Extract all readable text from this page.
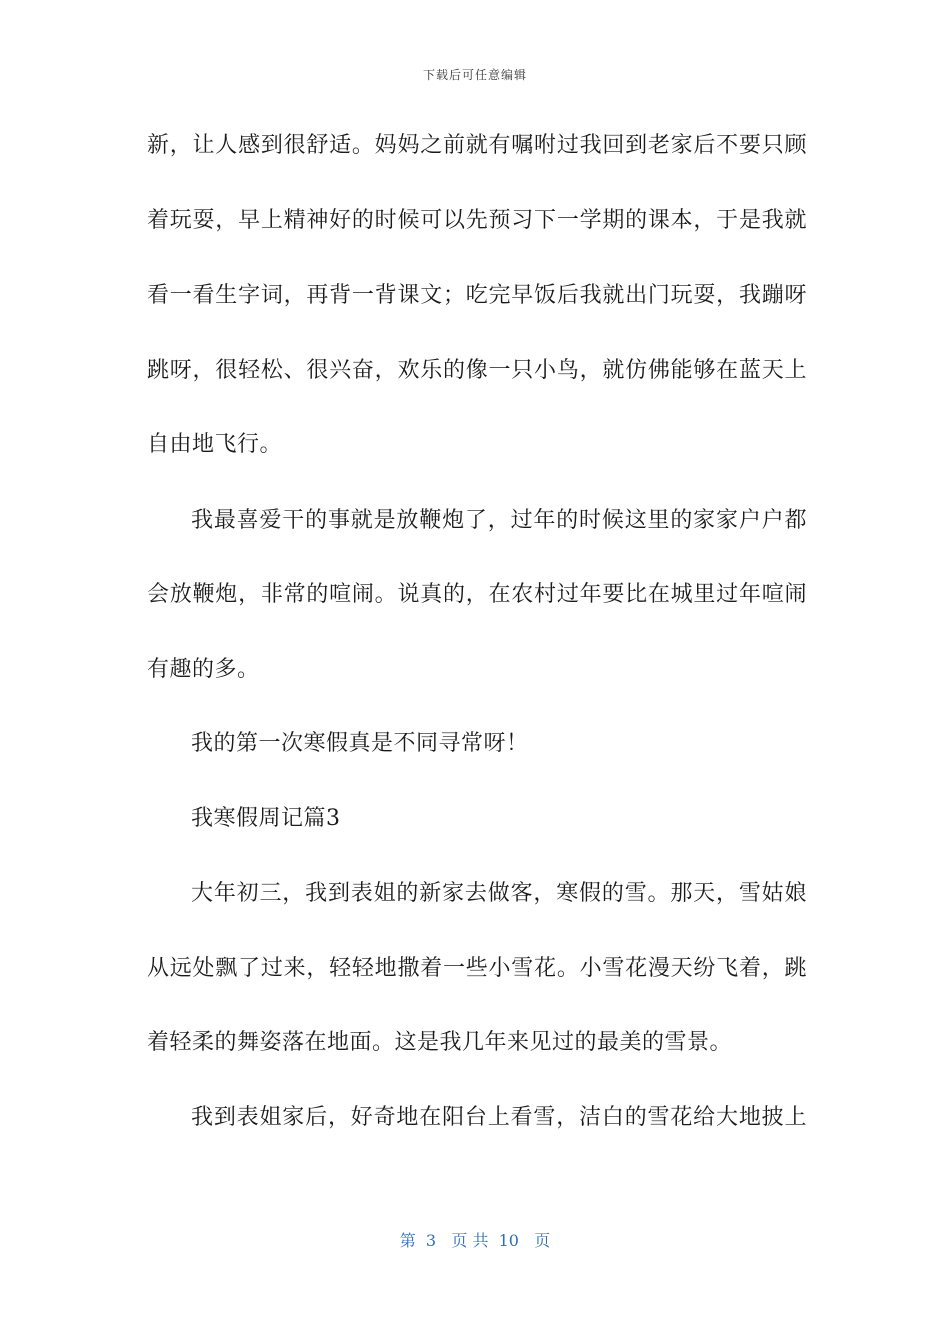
下载后可任意编辑
新，让人感到很舒适。妈妈之前就有嘱咐过我回到老家后不要只顾
着玩耍，早上精神好的时候可以先预习下一学期的课本，于是我就
看一看生字词，再背一背课文；吃完早饭后我就出门玩耍，我蹦呀
跳呀，很轻松、很兴奋，欢乐的像一只小鸟，就仿佛能够在蓝天上
自由地飞行。
我最喜爱干的事就是放鞭炮了，过年的时候这里的家家户户都
会放鞭炮，非常的喧闹。说真的，在农村过年要比在城里过年喧闹
有趣的多。
我的第一次寒假真是不同寻常呀！
我寒假周记篇3
大年初三，我到表姐的新家去做客，寒假的雪。那天，雪姑娘
从远处飘了过来，轻轻地撒着一些小雪花。小雪花漫天纷飞着，跳
着轻柔的舞姿落在地面。这是我几年来见过的最美的雪景。
我到表姐家后，好奇地在阳台上看雪，洁白的雪花给大地披上
第  3   页 共  10   页
